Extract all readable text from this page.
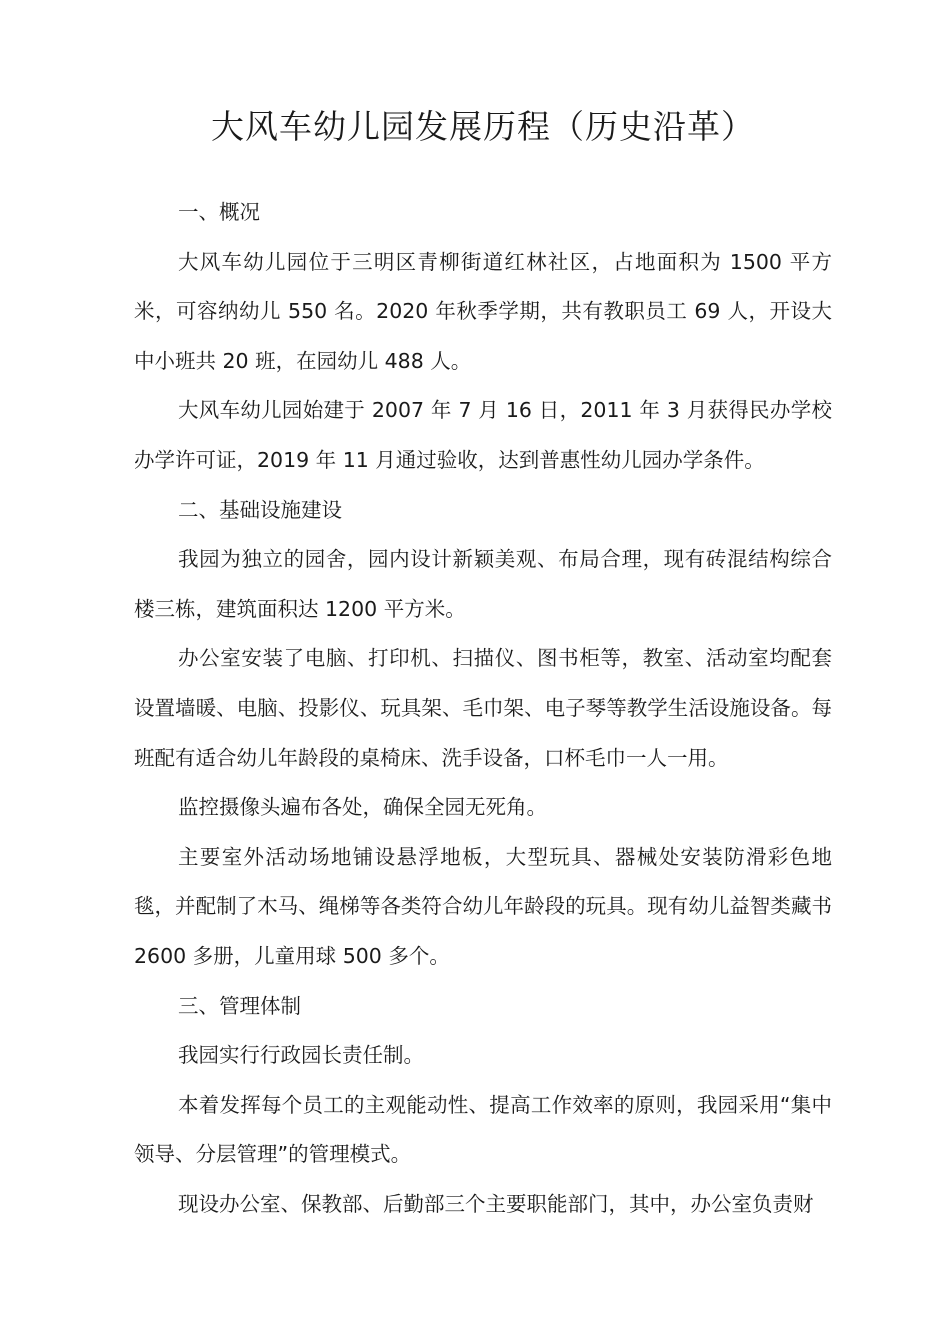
大风车幼儿园发展历程（历史沿革）

一、概况

大风车幼儿园位于三明区青柳街道红林社区，占地面积为 1500 平方米，可容纳幼儿 550 名。2020 年秋季学期，共有教职员工 69 人，开设大中小班共 20 班，在园幼儿 488 人。

大风车幼儿园始建于 2007 年 7 月 16 日，2011 年 3 月获得民办学校办学许可证，2019 年 11 月通过验收，达到普惠性幼儿园办学条件。

二、基础设施建设

我园为独立的园舍，园内设计新颖美观、布局合理，现有砖混结构综合楼三栋，建筑面积达 1200 平方米。

办公室安装了电脑、打印机、扫描仪、图书柜等，教室、活动室均配套设置墙暖、电脑、投影仪、玩具架、毛巾架、电子琴等教学生活设施设备。每班配有适合幼儿年龄段的桌椅床、洗手设备，口杯毛巾一人一用。

监控摄像头遍布各处，确保全园无死角。

主要室外活动场地铺设悬浮地板，大型玩具、器械处安装防滑彩色地毯，并配制了木马、绳梯等各类符合幼儿年龄段的玩具。现有幼儿益智类藏书 2600 多册，儿童用球 500 多个。

三、管理体制

我园实行行政园长责任制。

本着发挥每个员工的主观能动性、提高工作效率的原则，我园采用“集中领导、分层管理”的管理模式。

现设办公室、保教部、后勤部三个主要职能部门，其中，办公室负责财
